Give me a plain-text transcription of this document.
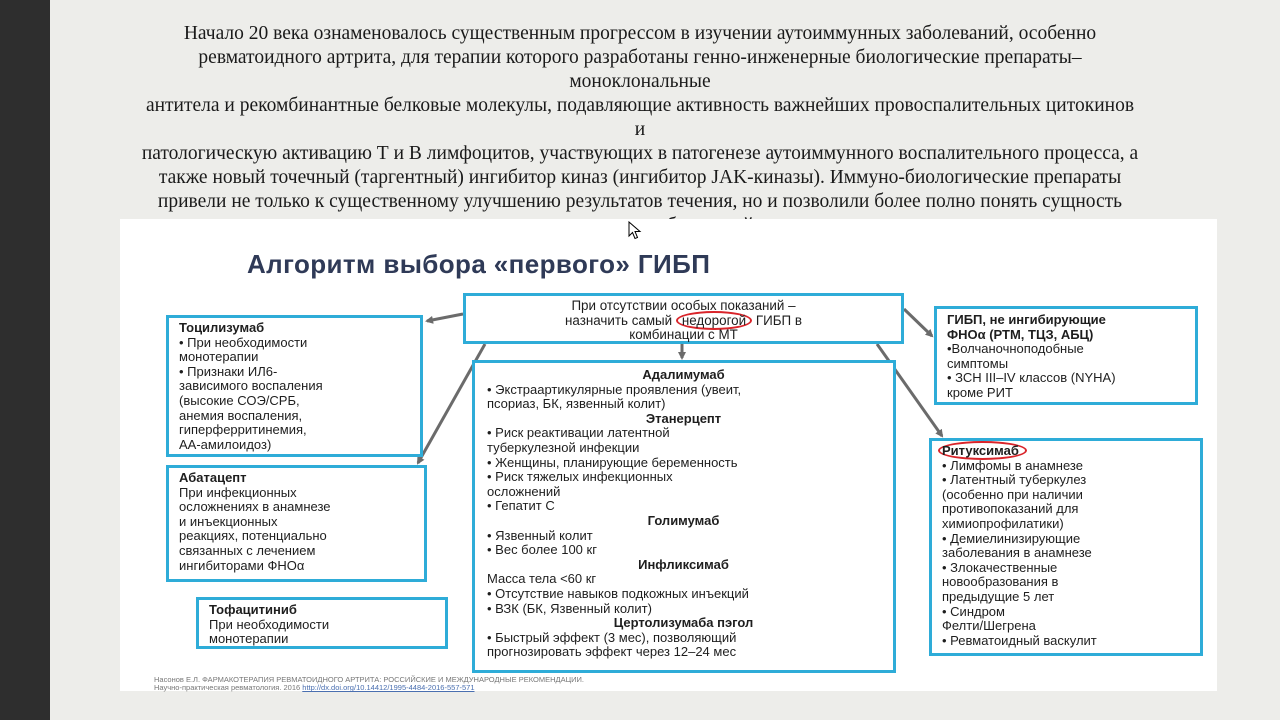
Начало 20 века ознаменовалось существенным прогрессом в изучении аутоиммунных заболеваний, особенно

ревматоидного артрита, для терапии которого разработаны генно-инженерные биологические препараты– моноклональные

антитела и рекомбинантные белковые молекулы, подавляющие активность важнейших провоспалительных цитокинов и

патологическую активацию Т и В лимфоцитов, участвующих в патогенезе аутоиммунного воспалительного процесса, а

также новый точечный (таргентный) ингибитор киназ (ингибитор JAK-киназы). Иммуно-биологические препараты

привели не только к существенному улучшению результатов течения, но и позволили более полно понять сущность

Алгоритм выбора «первого» ГИБП
При отсутствии особых показаний –
назначить самый недорогой ГИБП в
комбинации с МТ
Адалимумаб
• Экстраартикулярные проявления (увеит,
псориаз, БК, язвенный колит)
Этанерцепт
• Риск реактивации латентной
туберкулезной инфекции
• Женщины, планирующие беременность
• Риск тяжелых инфекционных
осложнений
• Гепатит С
Голимумаб
• Язвенный колит
• Вес более 100 кг
Инфликсимаб
Масса тела <60 кг
• Отсутствие навыков подкожных инъекций
• ВЗК (БК, Язвенный колит)
Цертолизумаба пэгол
• Быстрый эффект (3 мес), позволяющий
прогнозировать эффект через 12–24 мес
Тоцилизумаб
• При необходимости
монотерапии
• Признаки ИЛ6-
зависимого воспаления
(высокие СОЭ/СРБ,
анемия воспаления,
гиперферритинемия,
АА-амилоидоз)
Абатацепт
При инфекционных
осложнениях в анамнезе
и инъекционных
реакциях, потенциально
связанных с лечением
ингибиторами ФНОα
Тофацитиниб
При необходимости
монотерапии
ГИБП, не ингибирующие
ФНОα (РТМ, ТЦЗ, АБЦ)
•Волчаночноподобные
симптомы
• ЗСН III–IV классов (NYHA)
кроме РИТ
Ритуксимаб
• Лимфомы в анамнезе
• Латентный туберкулез
(особенно при наличии
противопоказаний для
химиопрофилатики)
• Демиелинизирующие
заболевания в анамнезе
• Злокачественные
новообразования в
предыдущие 5 лет
• Синдром
Фелти/Шегрена
• Ревматоидный васкулит
Насонов Е.Л. ФАРМАКОТЕРАПИЯ РЕВМАТОИДНОГО АРТРИТА: РОССИЙСКИЕ И МЕЖДУНАРОДНЫЕ РЕКОМЕНДАЦИИ.
Научно-практическая ревматология. 2016 http://dx.doi.org/10.14412/1995-4484-2016-557-571
